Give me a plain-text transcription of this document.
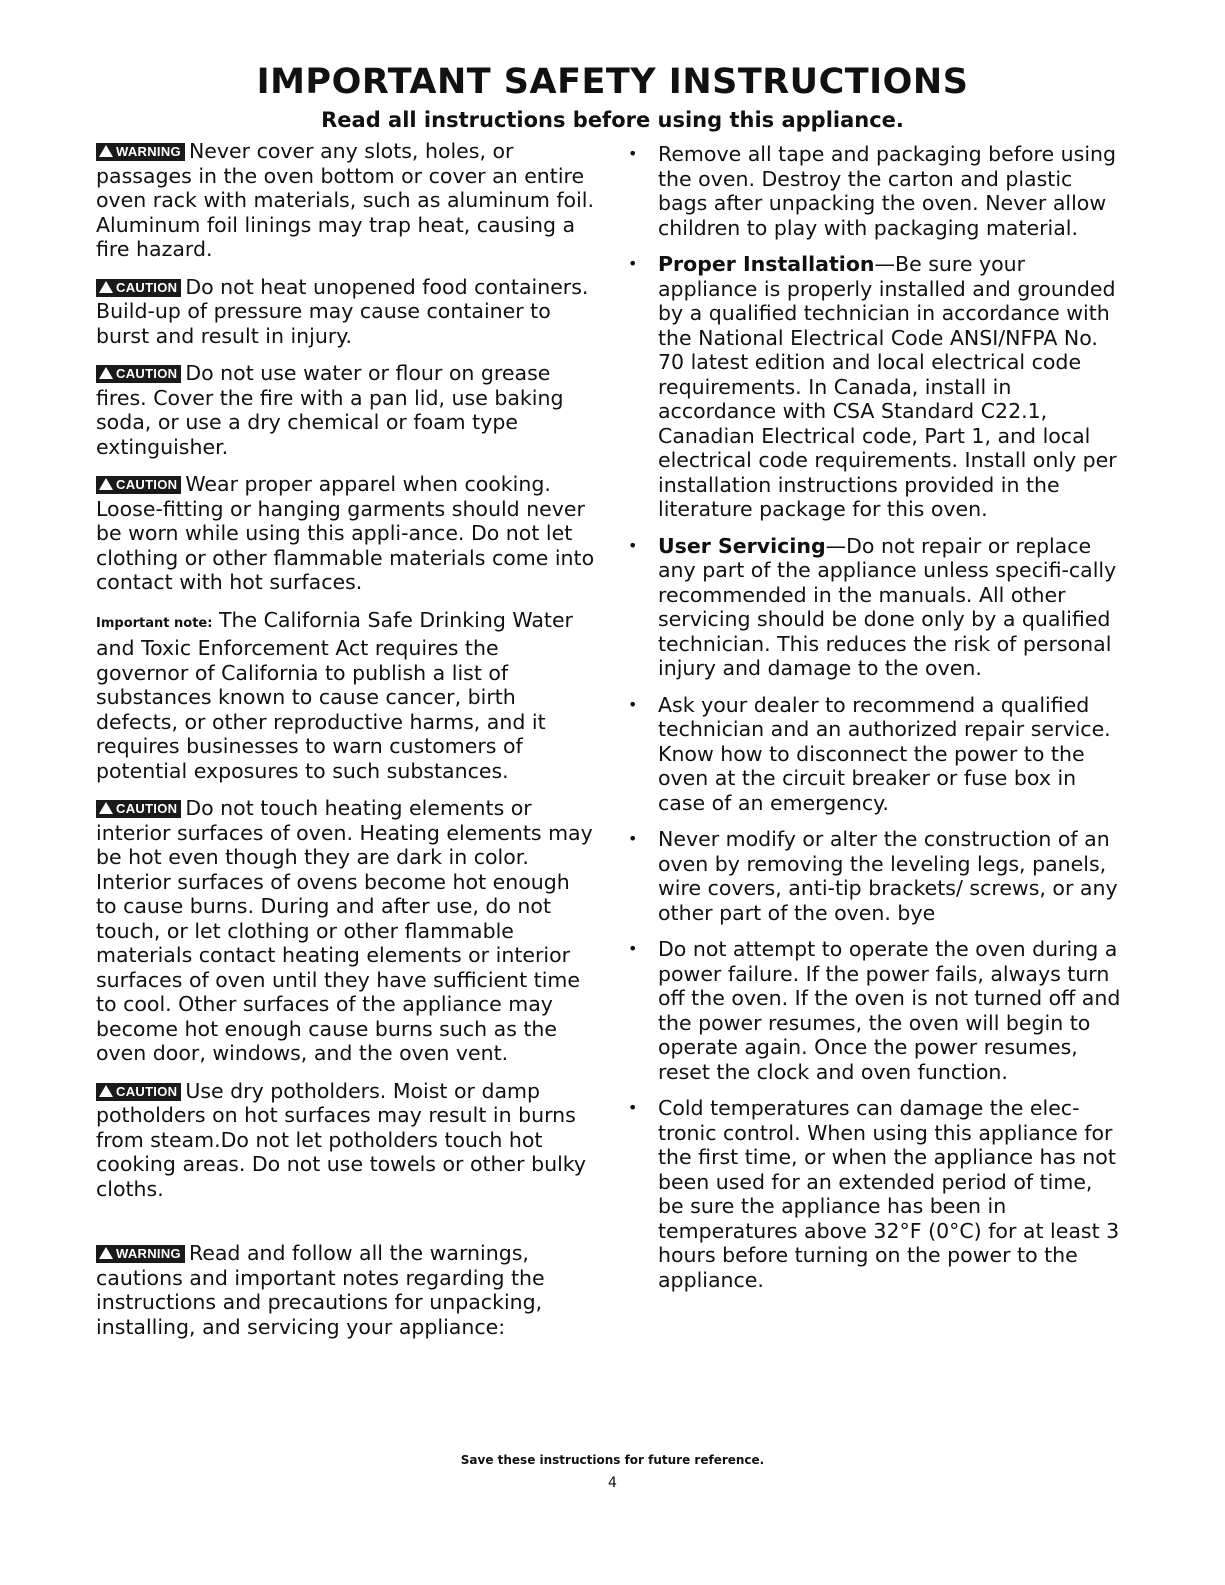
IMPORTANT SAFETY INSTRUCTIONS
Read all instructions before using this appliance.

WARNING Never cover any slots, holes, or passages in the oven bottom or cover an entire oven rack with materials, such as aluminum foil. Aluminum foil linings may trap heat, causing a fire hazard.

CAUTION Do not heat unopened food containers. Build-up of pressure may cause container to burst and result in injury.

CAUTION Do not use water or flour on grease fires. Cover the fire with a pan lid, use baking soda, or use a dry chemical or foam type extinguisher.

CAUTION Wear proper apparel when cooking. Loose-fitting or hanging garments should never be worn while using this appli-ance. Do not let clothing or other flammable materials come into contact with hot surfaces.

Important note: The California Safe Drinking Water and Toxic Enforcement Act requires the governor of California to publish a list of substances known to cause cancer, birth defects, or other reproductive harms, and it requires businesses to warn customers of potential exposures to such substances.

CAUTION Do not touch heating elements or interior surfaces of oven. Heating elements may be hot even though they are dark in color. Interior surfaces of ovens become hot enough to cause burns. During and after use, do not touch, or let clothing or other flammable materials contact heating elements or interior surfaces of oven until they have sufficient time to cool. Other surfaces of the appliance may become hot enough cause burns such as the oven door, windows, and the oven vent.

CAUTION Use dry potholders. Moist or damp potholders on hot surfaces may result in burns from steam.Do not let potholders touch hot cooking areas. Do not use towels or other bulky cloths.

WARNING Read and follow all the warnings, cautions and important notes regarding the instructions and precautions for unpacking, installing, and servicing your appliance:

• Remove all tape and packaging before using the oven. Destroy the carton and plastic bags after unpacking the oven. Never allow children to play with packaging material.
• Proper Installation—Be sure your appliance is properly installed and grounded by a qualified technician in accordance with the National Electrical Code ANSI/NFPA No. 70 latest edition and local electrical code requirements. In Canada, install in accordance with CSA Standard C22.1, Canadian Electrical code, Part 1, and local electrical code requirements. Install only per installation instructions provided in the literature package for this oven.
• User Servicing—Do not repair or replace any part of the appliance unless specifi-cally recommended in the manuals. All other servicing should be done only by a qualified technician. This reduces the risk of personal injury and damage to the oven.
• Ask your dealer to recommend a qualified technician and an authorized repair service. Know how to disconnect the power to the oven at the circuit breaker or fuse box in case of an emergency.
• Never modify or alter the construction of an oven by removing the leveling legs, panels, wire covers, anti-tip brackets/ screws, or any other part of the oven. bye
• Do not attempt to operate the oven during a power failure. If the power fails, always turn off the oven. If the oven is not turned off and the power resumes, the oven will begin to operate again. Once the power resumes, reset the clock and oven function.
• Cold temperatures can damage the elec-tronic control. When using this appliance for the first time, or when the appliance has not been used for an extended period of time, be sure the appliance has been in temperatures above 32°F (0°C) for at least 3 hours before turning on the power to the appliance.
Save these instructions for future reference.
4
